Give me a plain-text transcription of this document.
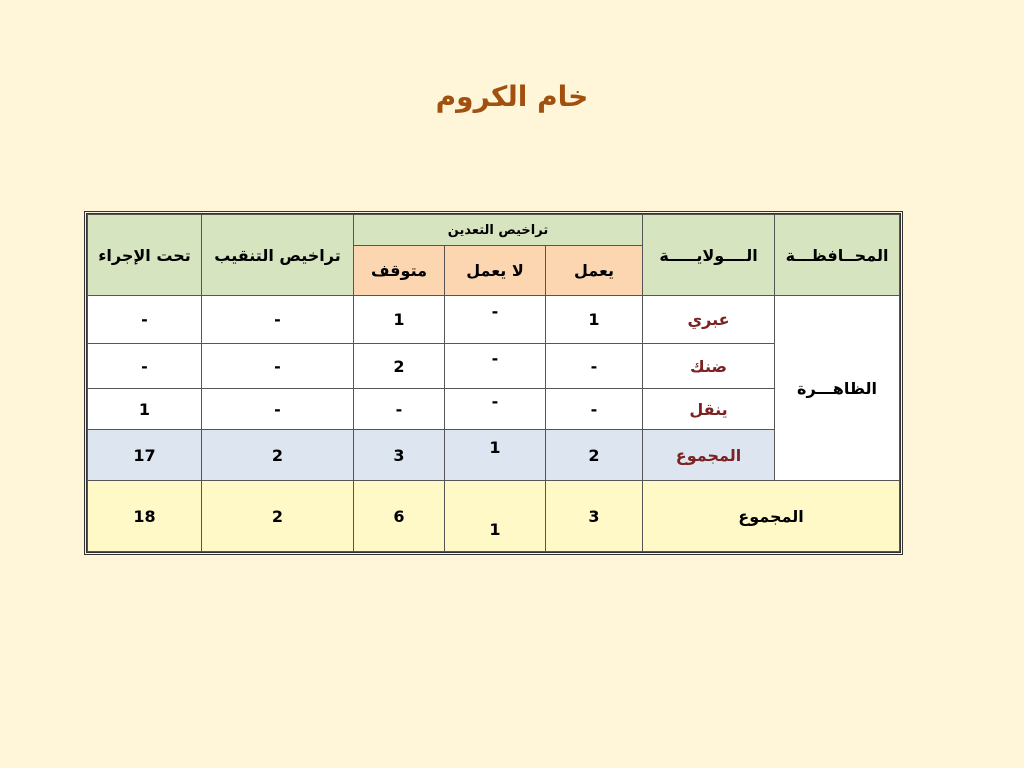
خام الكروم
المحــافظـــة	الــــولايـــــة	تراخيص التعدين			تراخيص التنقيب	تحت الإجراء
		يعمل	لا يعمل	متوقف		
الظاهـــرة	عبري	1	-	1	-	-
	ضنك	-	-	2	-	-
	ينقل	-	-	-	-	1
	المجموع	2	1	3	2	17
المجموع		3	1	6	2	18
